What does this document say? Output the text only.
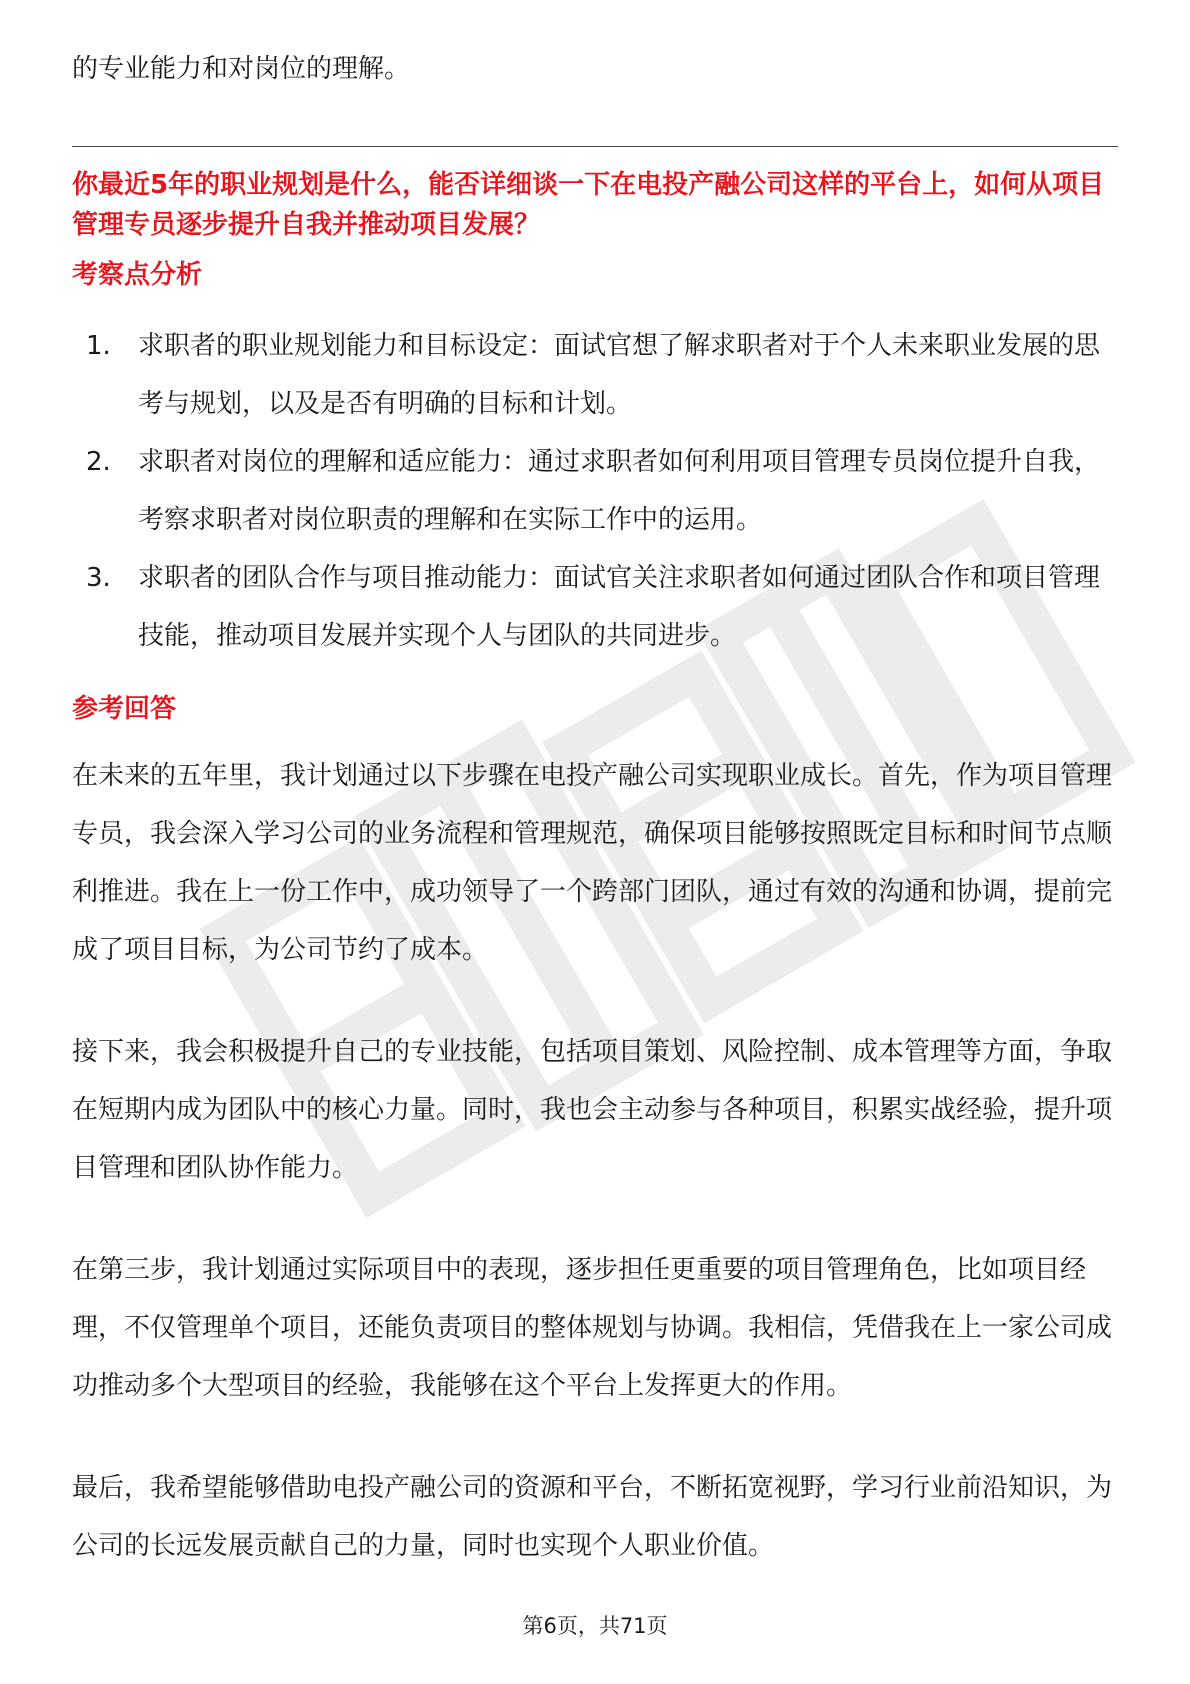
的专业能力和对岗位的理解。

你最近5年的职业规划是什么，能否详细谈一下在电投产融公司这样的平台上，如何从项目管理专员逐步提升自我并推动项目发展？
考察点分析
1.	求职者的职业规划能力和目标设定：面试官想了解求职者对于个人未来职业发展的思考与规划，以及是否有明确的目标和计划。
2.	求职者对岗位的理解和适应能力：通过求职者如何利用项目管理专员岗位提升自我，考察求职者对岗位职责的理解和在实际工作中的运用。
3.	求职者的团队合作与项目推动能力：面试官关注求职者如何通过团队合作和项目管理技能，推动项目发展并实现个人与团队的共同进步。
参考回答

在未来的五年里，我计划通过以下步骤在电投产融公司实现职业成长。首先，作为项目管理专员，我会深入学习公司的业务流程和管理规范，确保项目能够按照既定目标和时间节点顺利推进。我在上一份工作中，成功领导了一个跨部门团队，通过有效的沟通和协调，提前完成了项目目标，为公司节约了成本。

接下来，我会积极提升自己的专业技能，包括项目策划、风险控制、成本管理等方面，争取在短期内成为团队中的核心力量。同时，我也会主动参与各种项目，积累实战经验，提升项目管理和团队协作能力。

在第三步，我计划通过实际项目中的表现，逐步担任更重要的项目管理角色，比如项目经理，不仅管理单个项目，还能负责项目的整体规划与协调。我相信，凭借我在上一家公司成功推动多个大型项目的经验，我能够在这个平台上发挥更大的作用。

最后，我希望能够借助电投产融公司的资源和平台，不断拓宽视野，学习行业前沿知识，为公司的长远发展贡献自己的力量，同时也实现个人职业价值。

第6页，共71页
